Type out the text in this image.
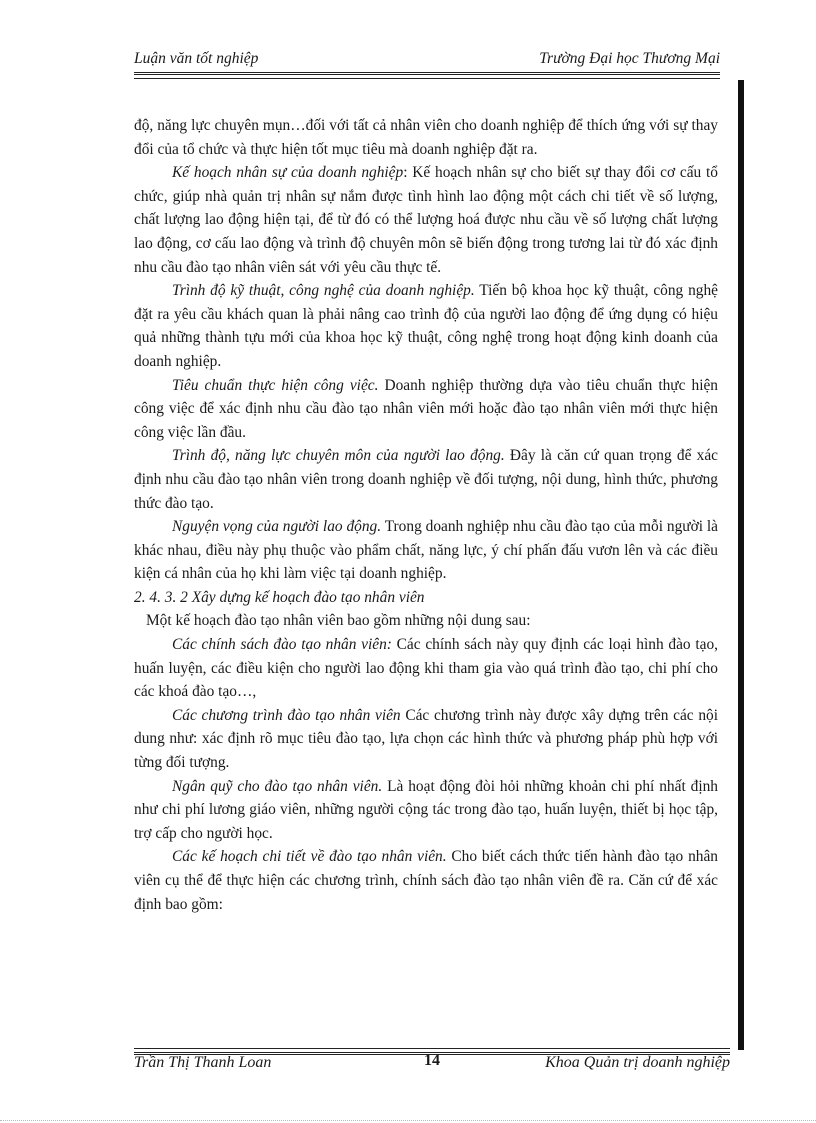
Luận văn tốt nghiệp	Trường Đại học Thương Mại

độ, năng lực chuyên mụn…đối với tất cả nhân viên cho doanh nghiệp để thích ứng với sự thay đổi của tổ chức và thực hiện tốt mục tiêu mà doanh nghiệp đặt ra.

Kế hoạch nhân sự của doanh nghiệp: Kế hoạch nhân sự cho biết sự thay đổi cơ cấu tổ chức, giúp nhà quản trị nhân sự nắm được tình hình lao động một cách chi tiết về số lượng, chất lượng lao động hiện tại, để từ đó có thể lượng hoá được nhu cầu về số lượng chất lượng lao động, cơ cấu lao động và trình độ chuyên môn sẽ biến động trong tương lai từ đó xác định nhu cầu đào tạo nhân viên sát với yêu cầu thực tế.

Trình độ kỹ thuật, công nghệ của doanh nghiệp. Tiến bộ khoa học kỹ thuật, công nghệ đặt ra yêu cầu khách quan là phải nâng cao trình độ của người lao động để ứng dụng có hiệu quả những thành tựu mới của khoa học kỹ thuật, công nghệ trong hoạt động kinh doanh của doanh nghiệp.

Tiêu chuẩn thực hiện công việc. Doanh nghiệp thường dựa vào tiêu chuẩn thực hiện công việc để xác định nhu cầu đào tạo nhân viên mới hoặc đào tạo nhân viên mới thực hiện công việc lần đầu.

Trình độ, năng lực chuyên môn của người lao động. Đây là căn cứ quan trọng để xác định nhu cầu đào tạo nhân viên trong doanh nghiệp về đối tượng, nội dung, hình thức, phương thức đào tạo.

Nguyện vọng của người lao động. Trong doanh nghiệp nhu cầu đào tạo của mỗi người là khác nhau, điều này phụ thuộc vào phẩm chất, năng lực, ý chí phấn đấu vươn lên và các điều kiện cá nhân của họ khi làm việc tại doanh nghiệp.

2. 4. 3. 2 Xây dựng kế hoạch đào tạo nhân viên

Một kế hoạch đào tạo nhân viên bao gồm những nội dung sau:

Các chính sách đào tạo nhân viên: Các chính sách này quy định các loại hình đào tạo, huấn luyện, các điều kiện cho người lao động khi tham gia vào quá trình đào tạo, chi phí cho các khoá đào tạo…,

Các chương trình đào tạo nhân viên Các chương trình này được xây dựng trên các nội dung như: xác định rõ mục tiêu đào tạo, lựa chọn các hình thức và phương pháp phù hợp với từng đối tượng.

Ngân quỹ cho đào tạo nhân viên. Là hoạt động đòi hỏi những khoản chi phí nhất định như chi phí lương giáo viên, những người cộng tác trong đào tạo, huấn luyện, thiết bị học tập, trợ cấp cho người học.

Các kế hoạch chi tiết về đào tạo nhân viên. Cho biết cách thức tiến hành đào tạo nhân viên cụ thể để thực hiện các chương trình, chính sách đào tạo nhân viên đề ra. Căn cứ để xác định bao gồm:

Trần Thị Thanh Loan	14	Khoa Quản trị doanh nghiệp
